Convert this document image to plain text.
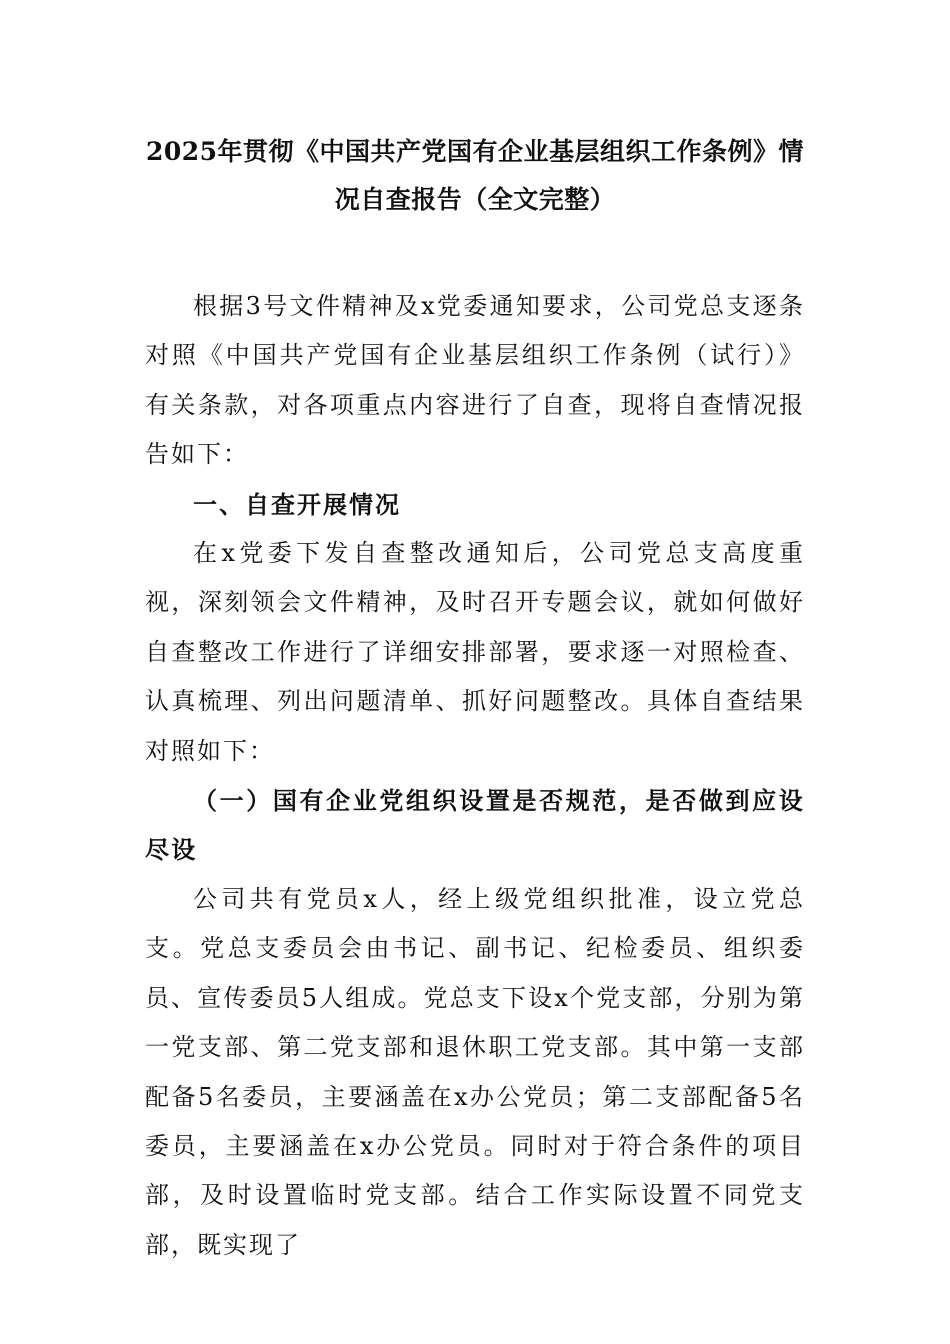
2025年贯彻《中国共产党国有企业基层组织工作条例》情况自查报告（全文完整）

根据3号文件精神及x党委通知要求，公司党总支逐条对照《中国共产党国有企业基层组织工作条例（试行）》有关条款，对各项重点内容进行了自查，现将自查情况报告如下：

一、自查开展情况

在x党委下发自查整改通知后，公司党总支高度重视，深刻领会文件精神，及时召开专题会议，就如何做好自查整改工作进行了详细安排部署，要求逐一对照检查、认真梳理、列出问题清单、抓好问题整改。具体自查结果对照如下：

（一）国有企业党组织设置是否规范，是否做到应设尽设

公司共有党员x人，经上级党组织批准，设立党总支。党总支委员会由书记、副书记、纪检委员、组织委员、宣传委员5人组成。党总支下设x个党支部，分别为第一党支部、第二党支部和退休职工党支部。其中第一支部配备5名委员，主要涵盖在x办公党员；第二支部配备5名委员，主要涵盖在x办公党员。同时对于符合条件的项目部，及时设置临时党支部。结合工作实际设置不同党支部，既实现了
